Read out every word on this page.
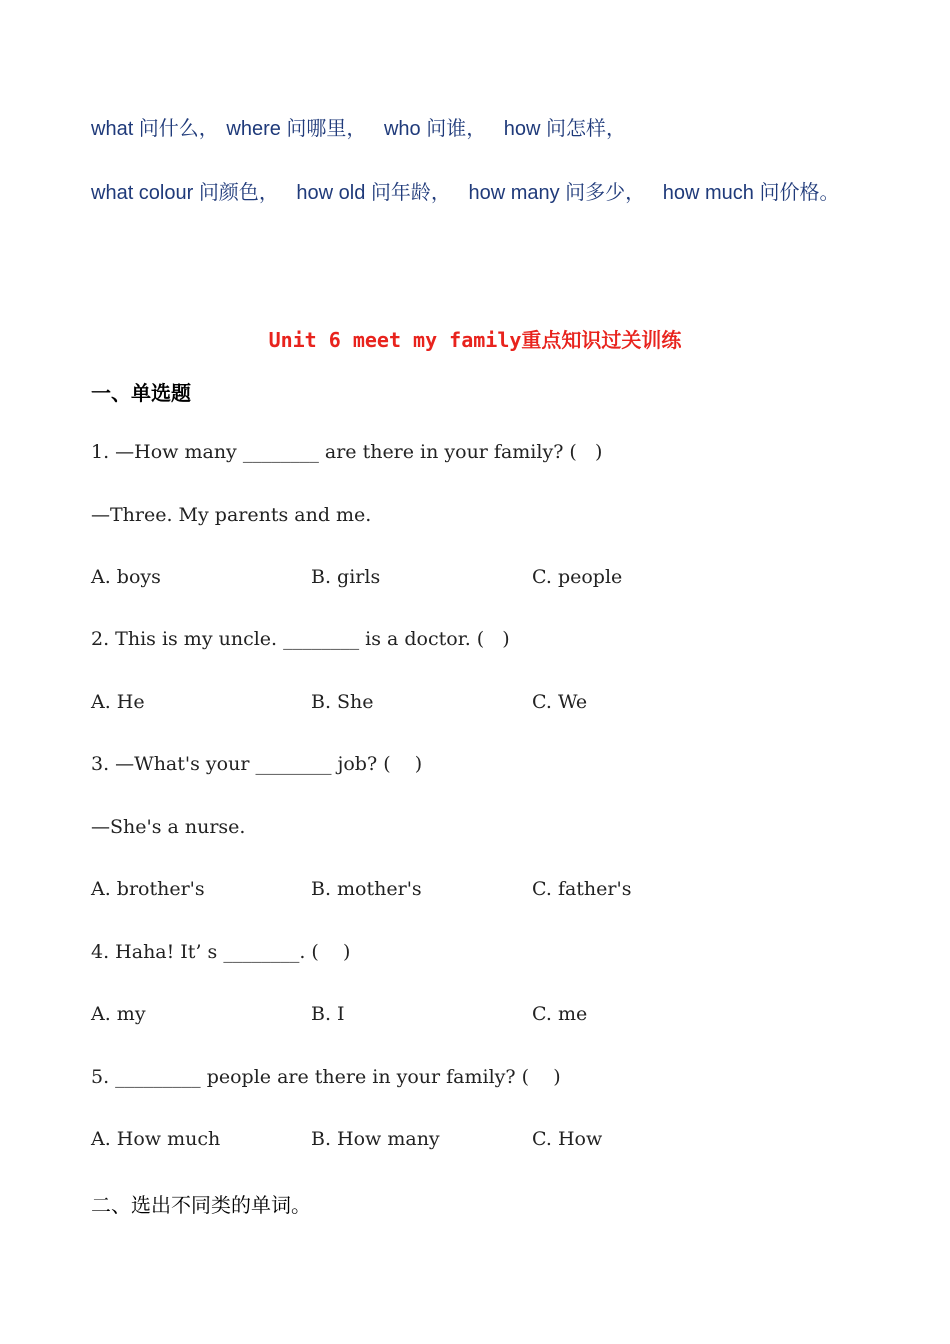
what 问什么， where 问哪里， who 问谁， how 问怎样，
what colour 问颜色， how old 问年龄， how many 问多少， how much 问价格。
Unit 6 meet my family重点知识过关训练
一、单选题
1. —How many ________ are there in your family? (   )
—Three. My parents and me.
A. boys	B. girls	C. people
2. This is my uncle. ________ is a doctor. (   )
A. He	B. She	C. We
3. —What's your ________ job? (    )
—She's a nurse.
A. brother's	B. mother's	C. father's
4. Haha! It’ s ________. (    )
A. my	B. I	C. me
5. _________ people are there in your family? (    )
A. How much	B. How many	C. How
二、选出不同类的单词。
